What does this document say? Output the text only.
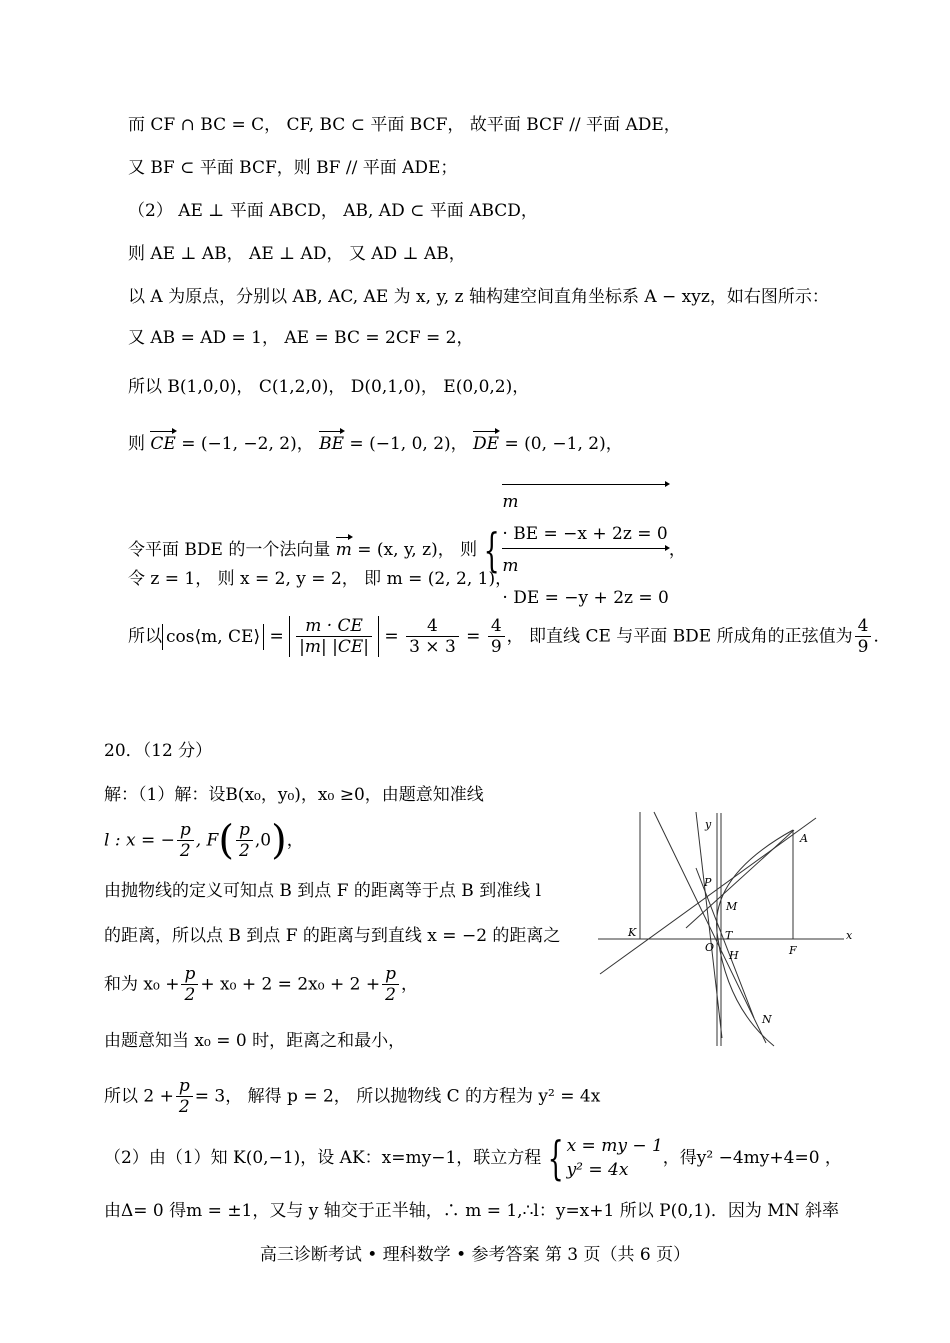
而 CF ∩ BC = C， CF, BC ⊂ 平面 BCF， 故平面 BCF // 平面 ADE，
又 BF ⊂ 平面 BCF，则 BF // 平面 ADE；
（2） AE ⊥ 平面 ABCD， AB, AD ⊂ 平面 ABCD，
则 AE ⊥ AB， AE ⊥ AD， 又 AD ⊥ AB，
以 A 为原点，分别以 AB, AC, AE 为 x, y, z 轴构建空间直角坐标系 A − xyz，如右图所示：
又 AB = AD = 1， AE = BC = 2CF = 2，
所以 B(1,0,0)， C(1,2,0)， D(0,1,0)， E(0,0,2)，
则 CE = (−1, −2, 2)， BE = (−1, 0, 2)， DE = (0, −1, 2)，
令平面 BDE 的一个法向量 m = (x, y, z)， 则 {
m
· BE = −x + 2z = 0
m
· DE = −y + 2z = 0
，
令 z = 1， 则 x = 2, y = 2， 即 m = (2, 2, 1)，
所以 cos⟨m, CE⟩ = $\frac{m \cdot CE}{|m| |CE|} = \frac{4}{3 \times 3} = \frac{4}{9}$ ， 即直线 CE 与平面 BDE 所成角的正弦值为 $\frac{4}{9}$ ．
20．（12 分）
解：（1）解：设B(x₀，y₀)，x₀ ≥0，由题意知准线
l : x = − $\frac{p}{2}$ , $F( \frac{p}{2} ,0)$，
由抛物线的定义可知点 B 到点 F 的距离等于点 B 到准线 l
的距离，所以点 B 到点 F 的距离与到直线 x = −2 的距离之
和为 $x_0 + \frac{p}{2} + x_0 + 2 = 2x_0 + 2 + \frac{p}{2}$ ，
由题意知当 x₀ = 0 时，距离之和最小，
所以 $2 + \frac{p}{2} = 3$， 解得 p = 2， 所以抛物线 C 的方程为 y² = 4x
（2）由（1）知 K(0,−1)，设 AK：x=my−1，联立方程 { x = my − 1
y² = 4x
，得y² −4my+4=0 ，
由Δ= 0 得m = ±1，又与 y 轴交于正半轴，∴ m = 1,∴l：y=x+1 所以 P(0,1)．因为 MN 斜率
y
A
P
M
K
O
T
H	F
x
N
高三诊断考试 • 理科数学 • 参考答案 第 3 页（共 6 页）
